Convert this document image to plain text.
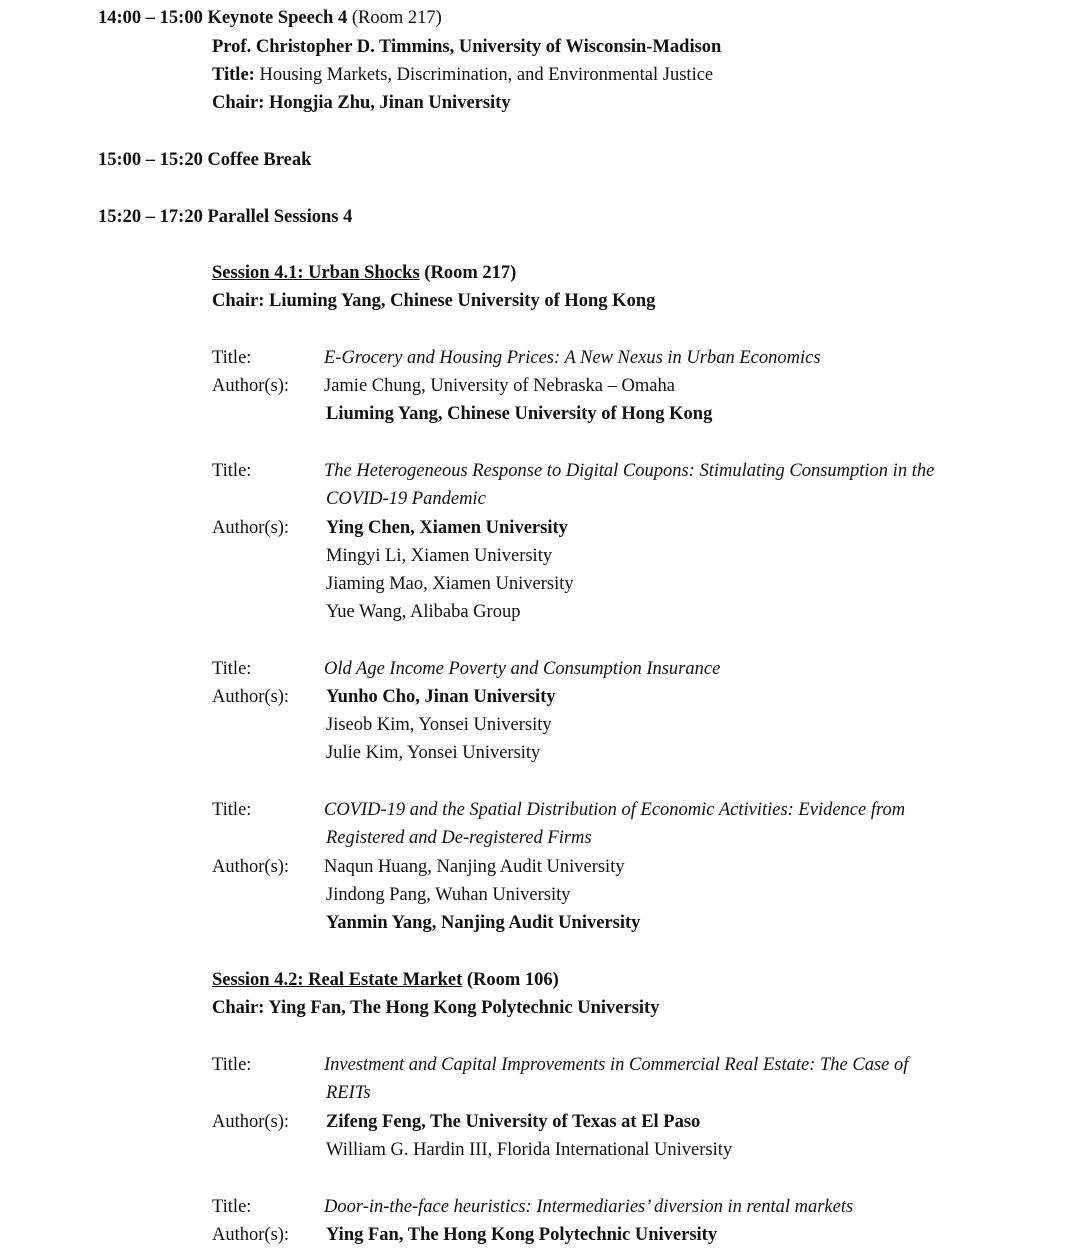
14:00 – 15:00 Keynote Speech 4 (Room 217)
Prof. Christopher D. Timmins, University of Wisconsin-Madison
Title: Housing Markets, Discrimination, and Environmental Justice
Chair: Hongjia Zhu, Jinan University
15:00 – 15:20 Coffee Break
15:20 – 17:20 Parallel Sessions 4
Session 4.1: Urban Shocks (Room 217)
Chair: Liuming Yang, Chinese University of Hong Kong
Title:	E-Grocery and Housing Prices: A New Nexus in Urban Economics
Author(s): Jamie Chung, University of Nebraska – Omaha
Liuming Yang, Chinese University of Hong Kong
Title:	The Heterogeneous Response to Digital Coupons: Stimulating Consumption in the
COVID-19 Pandemic
Author(s): Ying Chen, Xiamen University
Mingyi Li, Xiamen University
Jiaming Mao, Xiamen University
Yue Wang, Alibaba Group
Title:	Old Age Income Poverty and Consumption Insurance
Author(s): Yunho Cho, Jinan University
Jiseob Kim, Yonsei University
Julie Kim, Yonsei University
Title:	COVID-19 and the Spatial Distribution of Economic Activities: Evidence from
Registered and De-registered Firms
Author(s): Naqun Huang, Nanjing Audit University
Jindong Pang, Wuhan University
Yanmin Yang, Nanjing Audit University
Session 4.2: Real Estate Market (Room 106)
Chair: Ying Fan, The Hong Kong Polytechnic University
Title:	Investment and Capital Improvements in Commercial Real Estate: The Case of
REITs
Author(s): Zifeng Feng, The University of Texas at El Paso
William G. Hardin III, Florida International University
Title:	Door-in-the-face heuristics: Intermediaries’ diversion in rental markets
Author(s): Ying Fan, The Hong Kong Polytechnic University
